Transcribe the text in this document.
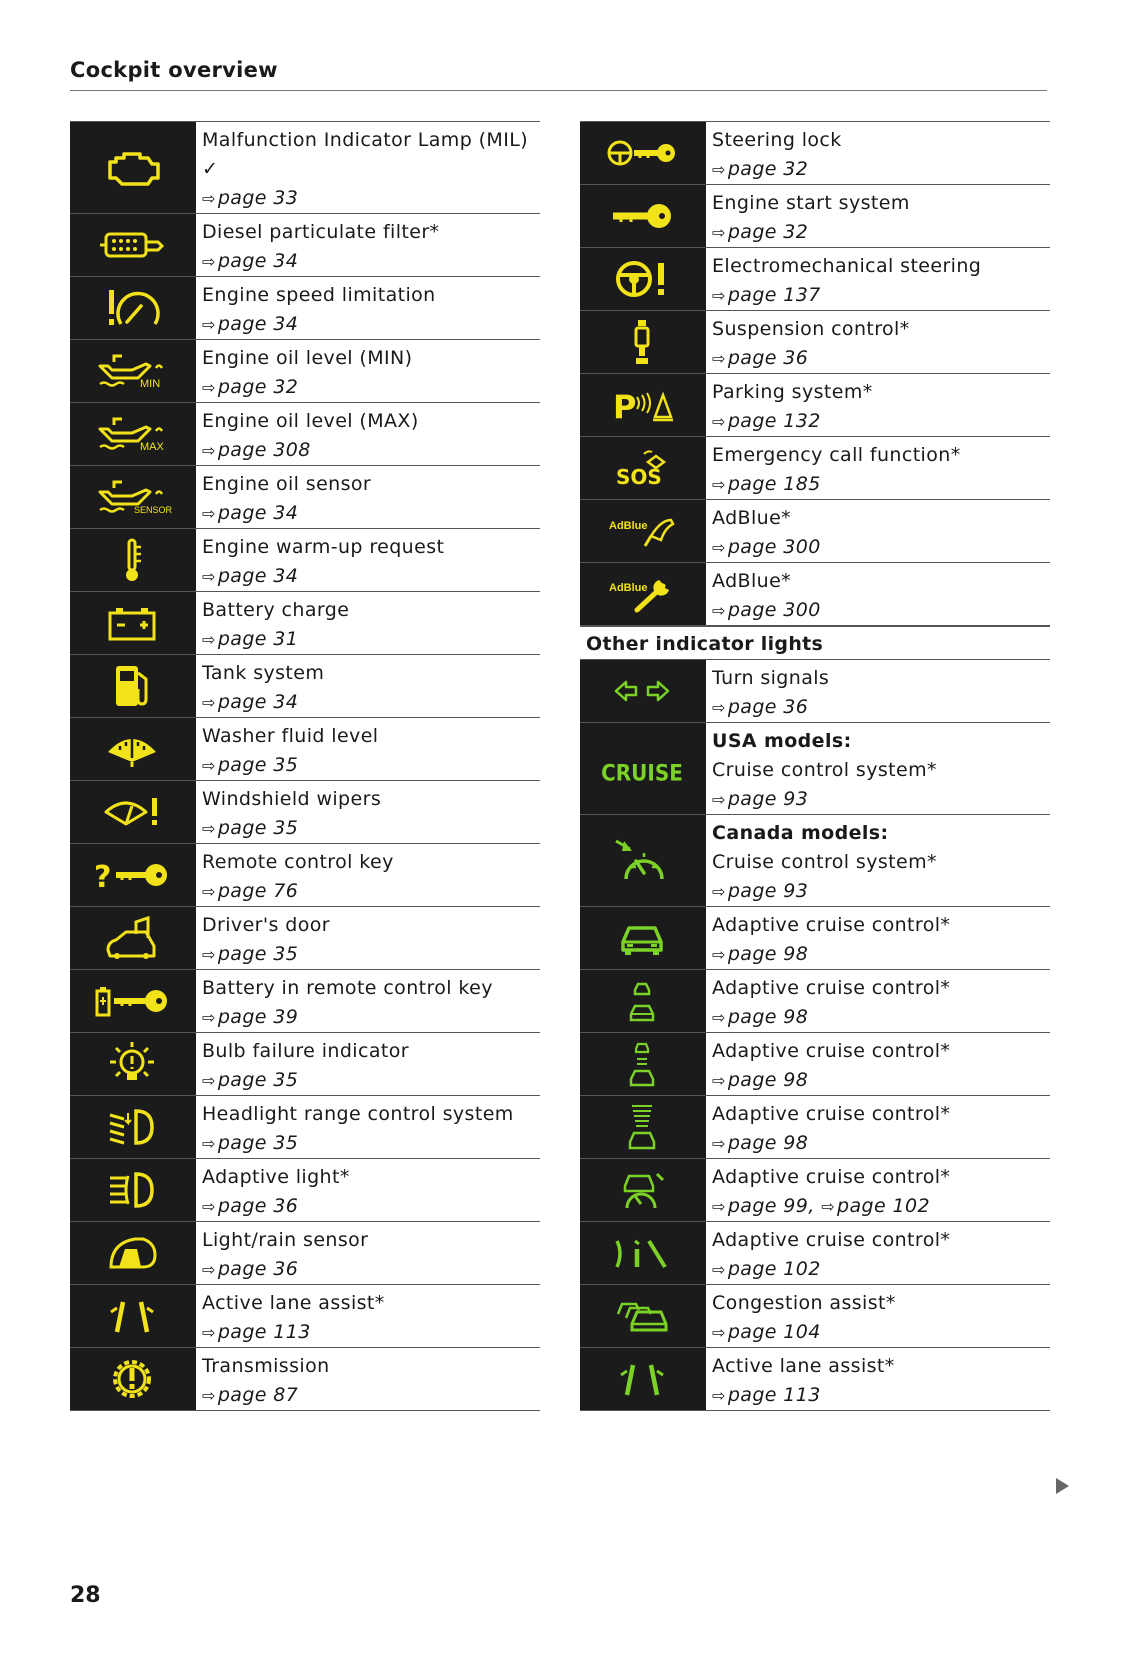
Cockpit overview
Malfunction Indicator Lamp (MIL)
✓
⇨ page 33
Diesel particulate filter*
⇨ page 34
Engine speed limitation
⇨ page 34
MIN
Engine oil level (MIN)
⇨ page 32
MAX
Engine oil level (MAX)
⇨ page 308
SENSOR
Engine oil sensor
⇨ page 34
Engine warm-up request
⇨ page 34
Battery charge
⇨ page 31
Tank system
⇨ page 34
Washer fluid level
⇨ page 35
Windshield wipers
⇨ page 35
?	Remote control key
⇨ page 76
Driver's door
⇨ page 35
Battery in remote control key
⇨ page 39
Bulb failure indicator
⇨ page 35
Headlight range control system
⇨ page 35
Adaptive light*
⇨ page 36
Light/rain sensor
⇨ page 36
Active lane assist*
⇨ page 113
Transmission
⇨ page 87
Steering lock
⇨ page 32
Engine start system
⇨ page 32
Electromechanical steering
⇨ page 137
Suspension control*
⇨ page 36
P	Parking system*
⇨ page 132
SOS
Emergency call function*
⇨ page 185
AdBlue	AdBlue*
⇨ page 300
AdBlue	AdBlue*
⇨ page 300
Other indicator lights
Turn signals
⇨ page 36
CRUISE
USA models:
Cruise control system*
⇨ page 93
Canada models:
Cruise control system*
⇨ page 93
Adaptive cruise control*
⇨ page 98
Adaptive cruise control*
⇨ page 98
Adaptive cruise control*
⇨ page 98
Adaptive cruise control*
⇨ page 98
Adaptive cruise control*
⇨ page 99, ⇨ page 102
Adaptive cruise control*
⇨ page 102
Congestion assist*
⇨ page 104
Active lane assist*
⇨ page 113
28
